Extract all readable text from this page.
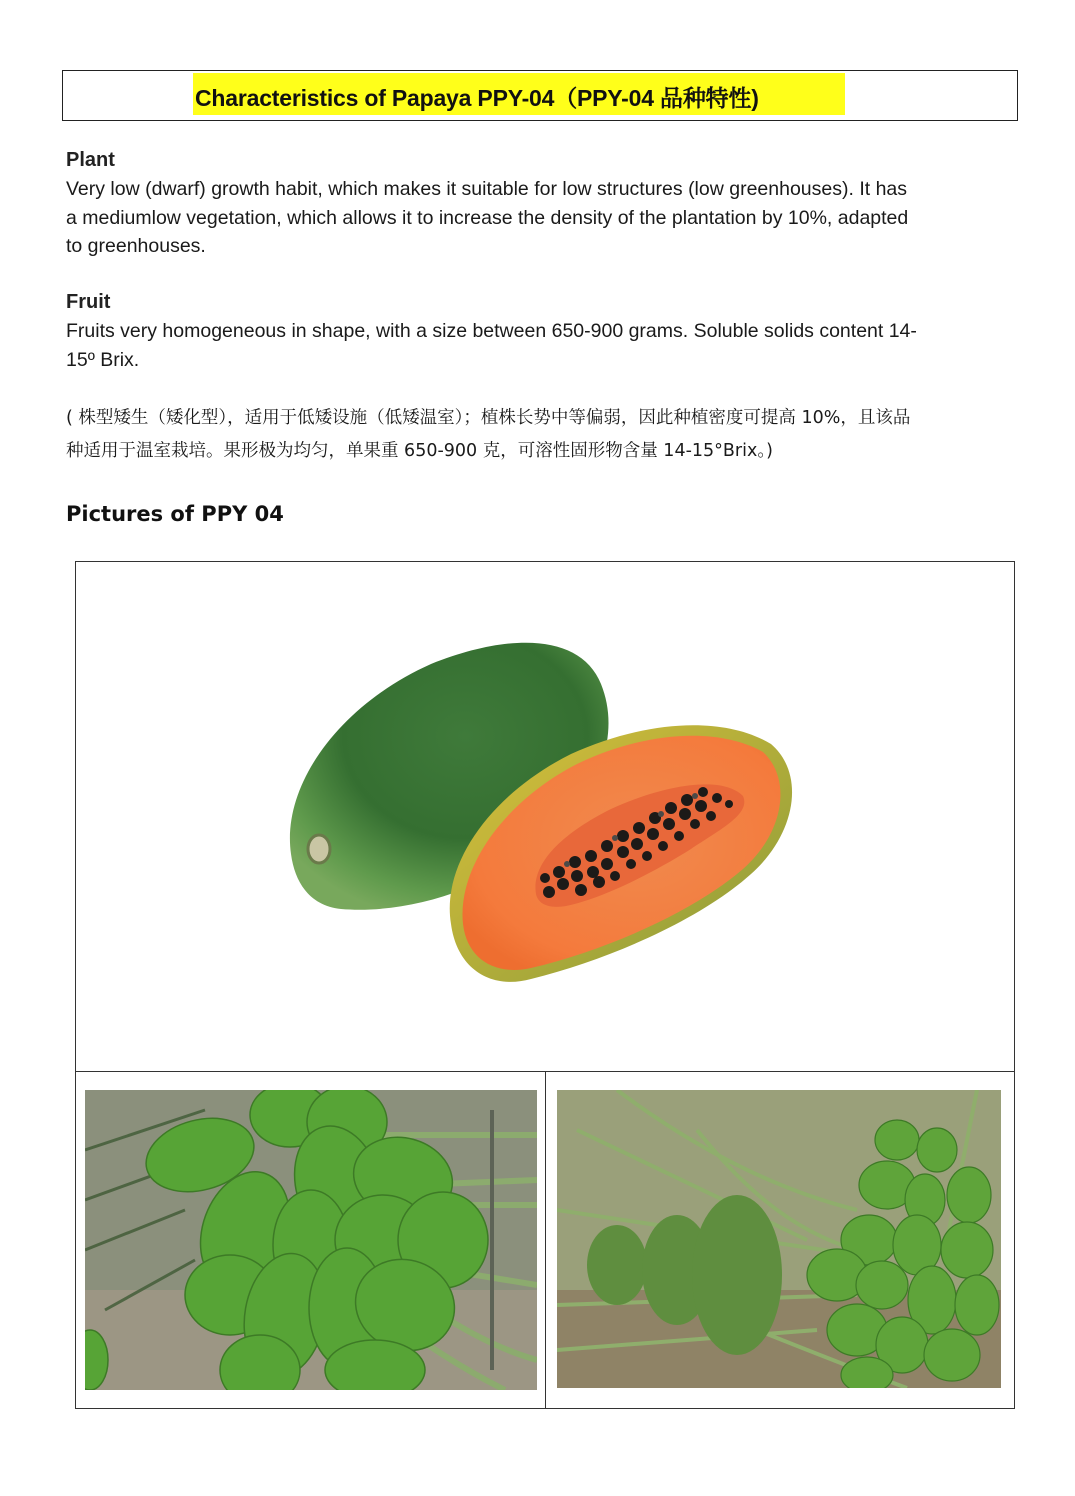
Characteristics of Papaya PPY-04（PPY-04 品种特性)
Plant
Very low (dwarf) growth habit, which makes it suitable for low structures (low greenhouses). It has
a mediumlow vegetation, which allows it to increase the density of the plantation by 10%, adapted
to greenhouses.
Fruit
Fruits very homogeneous in shape, with a size between 650-900 grams. Soluble solids content 14-
15º Brix.
( 株型矮生（矮化型），适用于低矮设施（低矮温室）；植株长势中等偏弱，因此种植密度可提高 10%，且该品
种适用于温室栽培。果形极为均匀，单果重 650-900 克，可溶性固形物含量 14-15°Brix。)
Pictures of PPY 04
